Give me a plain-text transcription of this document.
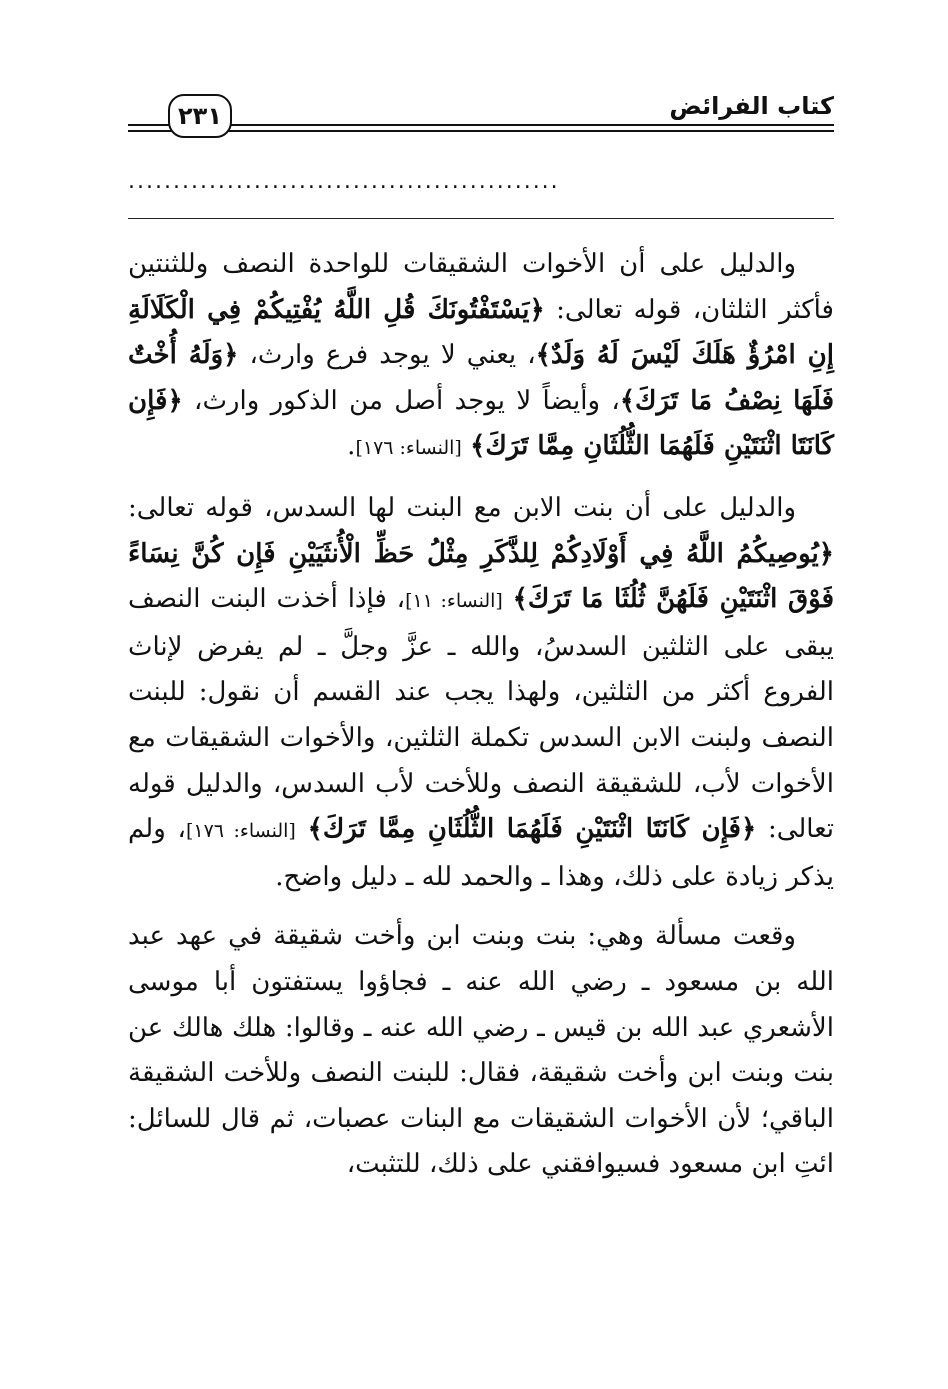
كتاب الفرائض
٢٣١
................................................

والدليل على أن الأخوات الشقيقات للواحدة النصف وللثنتين فأكثر الثلثان، قوله تعالى: ﴿يَسْتَفْتُونَكَ قُلِ اللَّهُ يُفْتِيكُمْ فِي الْكَلَالَةِ إِنِ امْرُؤٌ هَلَكَ لَيْسَ لَهُ وَلَدٌ﴾، يعني لا يوجد فرع وارث، ﴿وَلَهُ أُخْتٌ فَلَهَا نِصْفُ مَا تَرَكَ﴾، وأيضاً لا يوجد أصل من الذكور وارث، ﴿فَإِن كَانَتَا اثْنَتَيْنِ فَلَهُمَا الثُّلُثَانِ مِمَّا تَرَكَ﴾ [النساء: ١٧٦].

والدليل على أن بنت الابن مع البنت لها السدس، قوله تعالى: ﴿يُوصِيكُمُ اللَّهُ فِي أَوْلَادِكُمْ لِلذَّكَرِ مِثْلُ حَظِّ الْأُنثَيَيْنِ فَإِن كُنَّ نِسَاءً فَوْقَ اثْنَتَيْنِ فَلَهُنَّ ثُلُثَا مَا تَرَكَ﴾ [النساء: ١١]، فإذا أخذت البنت النصف يبقى على الثلثين السدسُ، والله ـ عزَّ وجلَّ ـ لم يفرض لإناث الفروع أكثر من الثلثين، ولهذا يجب عند القسم أن نقول: للبنت النصف ولبنت الابن السدس تكملة الثلثين، والأخوات الشقيقات مع الأخوات لأب، للشقيقة النصف وللأخت لأب السدس، والدليل قوله تعالى: ﴿فَإِن كَانَتَا اثْنَتَيْنِ فَلَهُمَا الثُّلُثَانِ مِمَّا تَرَكَ﴾ [النساء: ١٧٦]، ولم يذكر زيادة على ذلك، وهذا ـ والحمد لله ـ دليل واضح.

وقعت مسألة وهي: بنت وبنت ابن وأخت شقيقة في عهد عبد الله بن مسعود ـ رضي الله عنه ـ فجاؤوا يستفتون أبا موسى الأشعري عبد الله بن قيس ـ رضي الله عنه ـ وقالوا: هلك هالك عن بنت وبنت ابن وأخت شقيقة، فقال: للبنت النصف وللأخت الشقيقة الباقي؛ لأن الأخوات الشقيقات مع البنات عصبات، ثم قال للسائل: ائتِ ابن مسعود فسيوافقني على ذلك، للتثبت،
